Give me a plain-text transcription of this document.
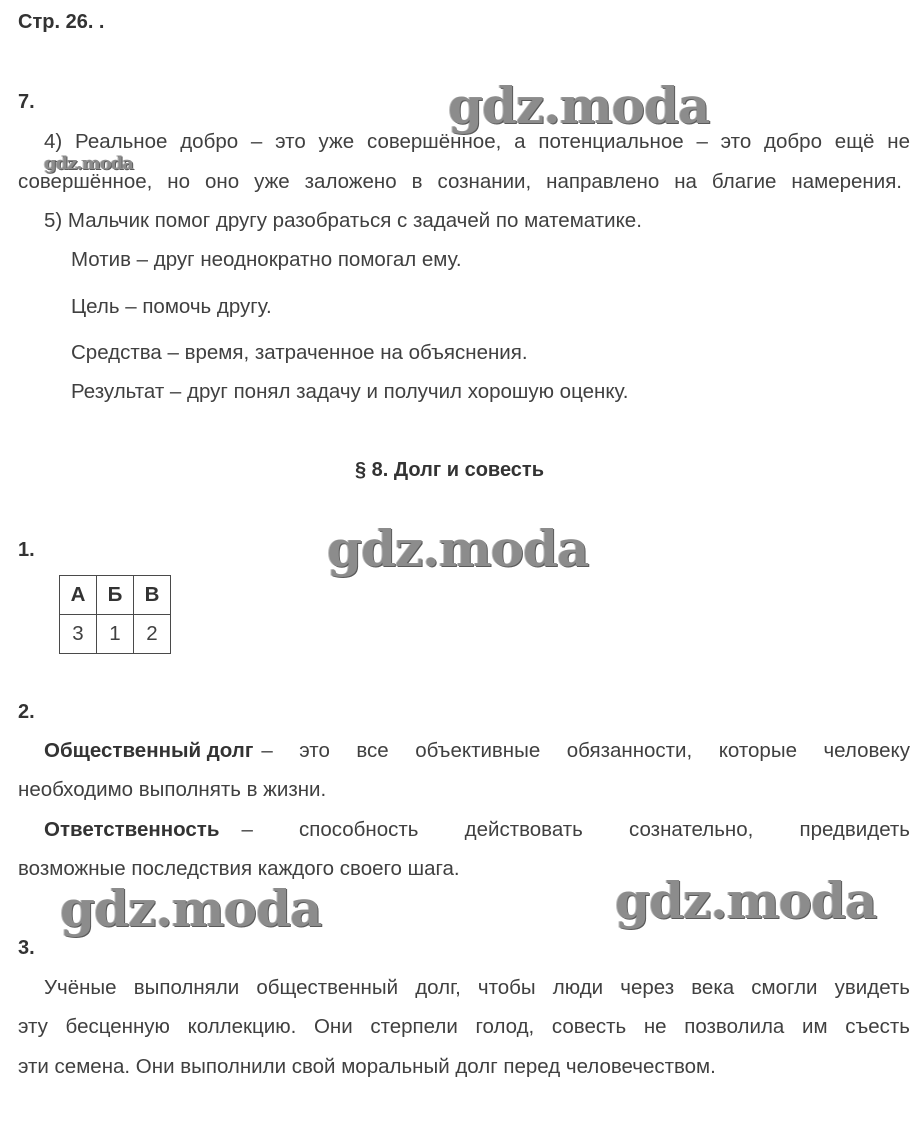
Стр. 26. .
7.
4) Реальное добро – это уже совершённое, а потенциальное – это добро ещё не
совершённое, но оно уже заложено в сознании, направлено на благие намерения.
5) Мальчик помог другу разобраться с задачей по математике.
Мотив – друг неоднократно помогал ему.
Цель – помочь другу.
Средства – время, затраченное на объяснения.
Результат – друг понял задачу и получил хорошую оценку.
§ 8. Долг и совесть
1.
А	Б	В
3	1	2
2.
Общественный долг – это все объективные обязанности, которые человеку
необходимо выполнять в жизни.
Ответственность – способность действовать сознательно, предвидеть
возможные последствия каждого своего шага.
3.
Учёные выполняли общественный долг, чтобы люди через века смогли увидеть
эту бесценную коллекцию. Они стерпели голод, совесть не позволила им съесть
эти семена. Они выполнили свой моральный долг перед человечеством.
gdz.moda
gdz.moda
gdz.moda
gdz.moda	gdz.moda
